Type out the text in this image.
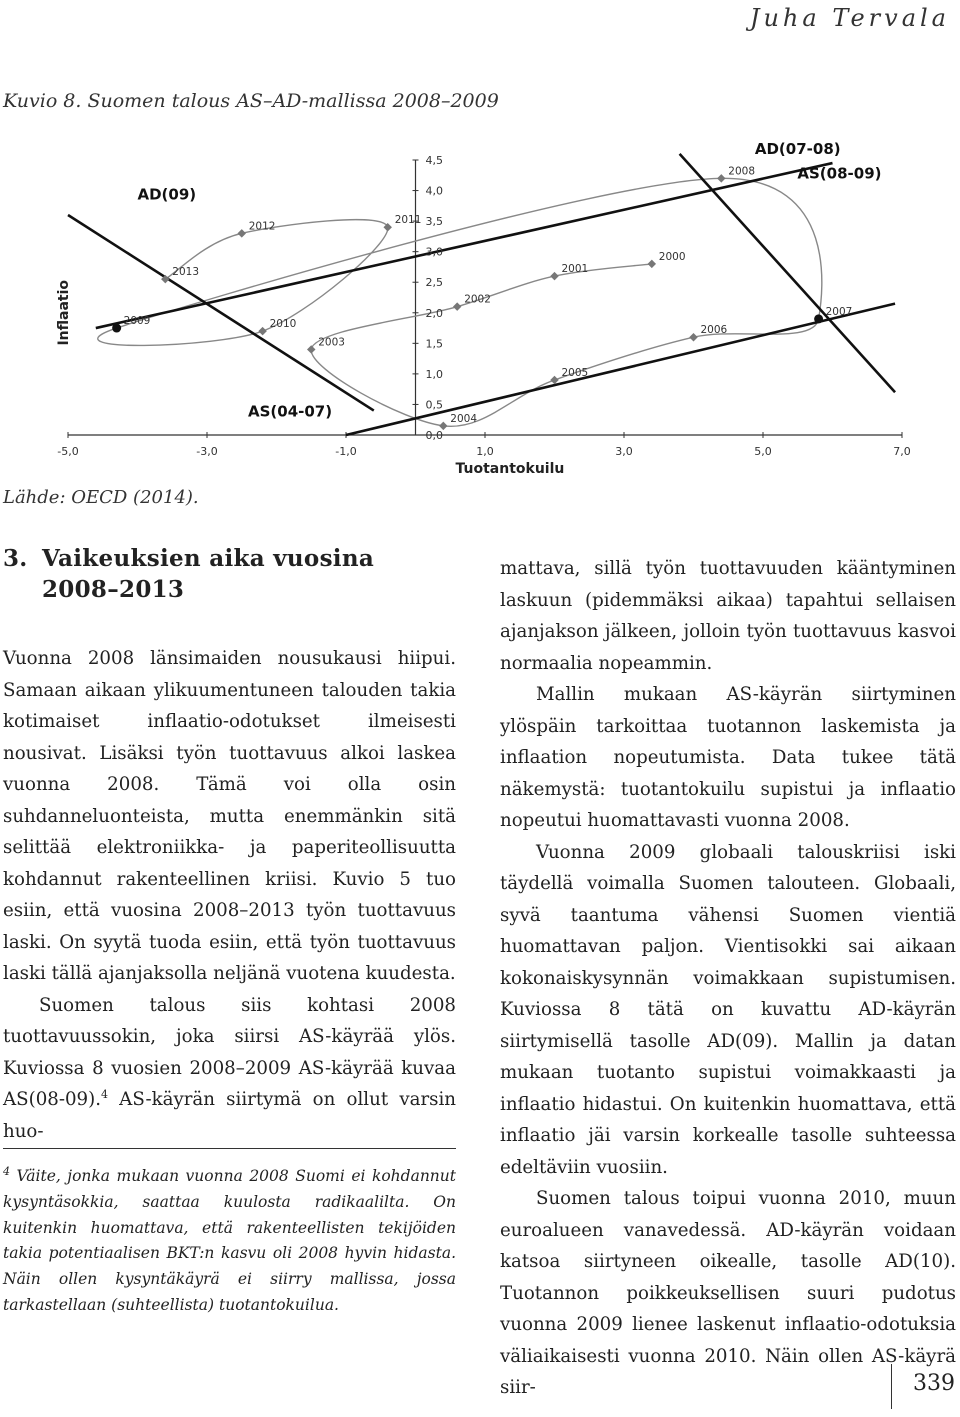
Juha Tervala
Kuvio 8. Suomen talous AS–AD-mallissa 2008–2009
-5,0	-3,0	-1,0	1,0	3,0	5,0	7,0
0,0
0,5
1,0
1,5
2,0
2,5
3,0
3,5
4,0
4,5
Tuotantokuilu
Inflaatio
AD(09)
AD(07-08)
AS(04-07)
AS(08-09)
2000
2001
2002
2003
2004
2005
2006
2007
2008
2009	2010
2011
2012
2013
Lähde: OECD (2014).
3. Vaikeuksien aika vuosina
2008–2013

Vuonna 2008 länsimaiden nousukausi hiipui. Samaan aikaan ylikuumentuneen talouden takia kotimaiset inflaatio-odotukset ilmeisesti nousivat. Lisäksi työn tuottavuus alkoi laskea vuonna 2008. Tämä voi olla osin suhdanneluonteista, mutta enemmänkin sitä selittää elektroniikka- ja paperiteollisuutta kohdannut rakenteellinen kriisi. Kuvio 5 tuo esiin, että vuosina 2008–2013 työn tuottavuus laski. On syytä tuoda esiin, että työn tuottavuus laski tällä ajanjaksolla neljänä vuotena kuudesta.

Suomen talous siis kohtasi 2008 tuottavuussokin, joka siirsi AS-käyrää ylös. Kuviossa 8 vuosien 2008–2009 AS-käyrää kuvaa AS(08-09).$^4$ AS-käyrän siirtymä on ollut varsin huo-

$^4$ Väite, jonka mukaan vuonna 2008 Suomi ei kohdannut kysyntäsokkia, saattaa kuulosta radikaalilta. On kuitenkin huomattava, että rakenteellisten tekijöiden takia potentiaalisen BKT:n kasvu oli 2008 hyvin hidasta. Näin ollen kysyntäkäyrä ei siirry mallissa, jossa tarkastellaan (suhteellista) tuotantokuilua.

mattava, sillä työn tuottavuuden kääntyminen laskuun (pidemmäksi aikaa) tapahtui sellaisen ajanjakson jälkeen, jolloin työn tuottavuus kasvoi normaalia nopeammin.

Mallin mukaan AS-käyrän siirtyminen ylöspäin tarkoittaa tuotannon laskemista ja inflaation nopeutumista. Data tukee tätä näkemystä: tuotantokuilu supistui ja inflaatio nopeutui huomattavasti vuonna 2008.

Vuonna 2009 globaali talouskriisi iski täydellä voimalla Suomen talouteen. Globaali, syvä taantuma vähensi Suomen vientiä huomattavan paljon. Vientisokki sai aikaan kokonaiskysynnän voimakkaan supistumisen. Kuviossa 8 tätä on kuvattu AD-käyrän siirtymisellä tasolle AD(09). Mallin ja datan mukaan tuotanto supistui voimakkaasti ja inflaatio hidastui. On kuitenkin huomattava, että inflaatio jäi varsin korkealle tasolle suhteessa edeltäviin vuosiin.

Suomen talous toipui vuonna 2010, muun euroalueen vanavedessä. AD-käyrän voidaan katsoa siirtyneen oikealle, tasolle AD(10). Tuotannon poikkeuksellisen suuri pudotus vuonna 2009 lienee laskenut inflaatio-odotuksia väliaikaisesti vuonna 2010. Näin ollen AS-käyrä siir-	339
